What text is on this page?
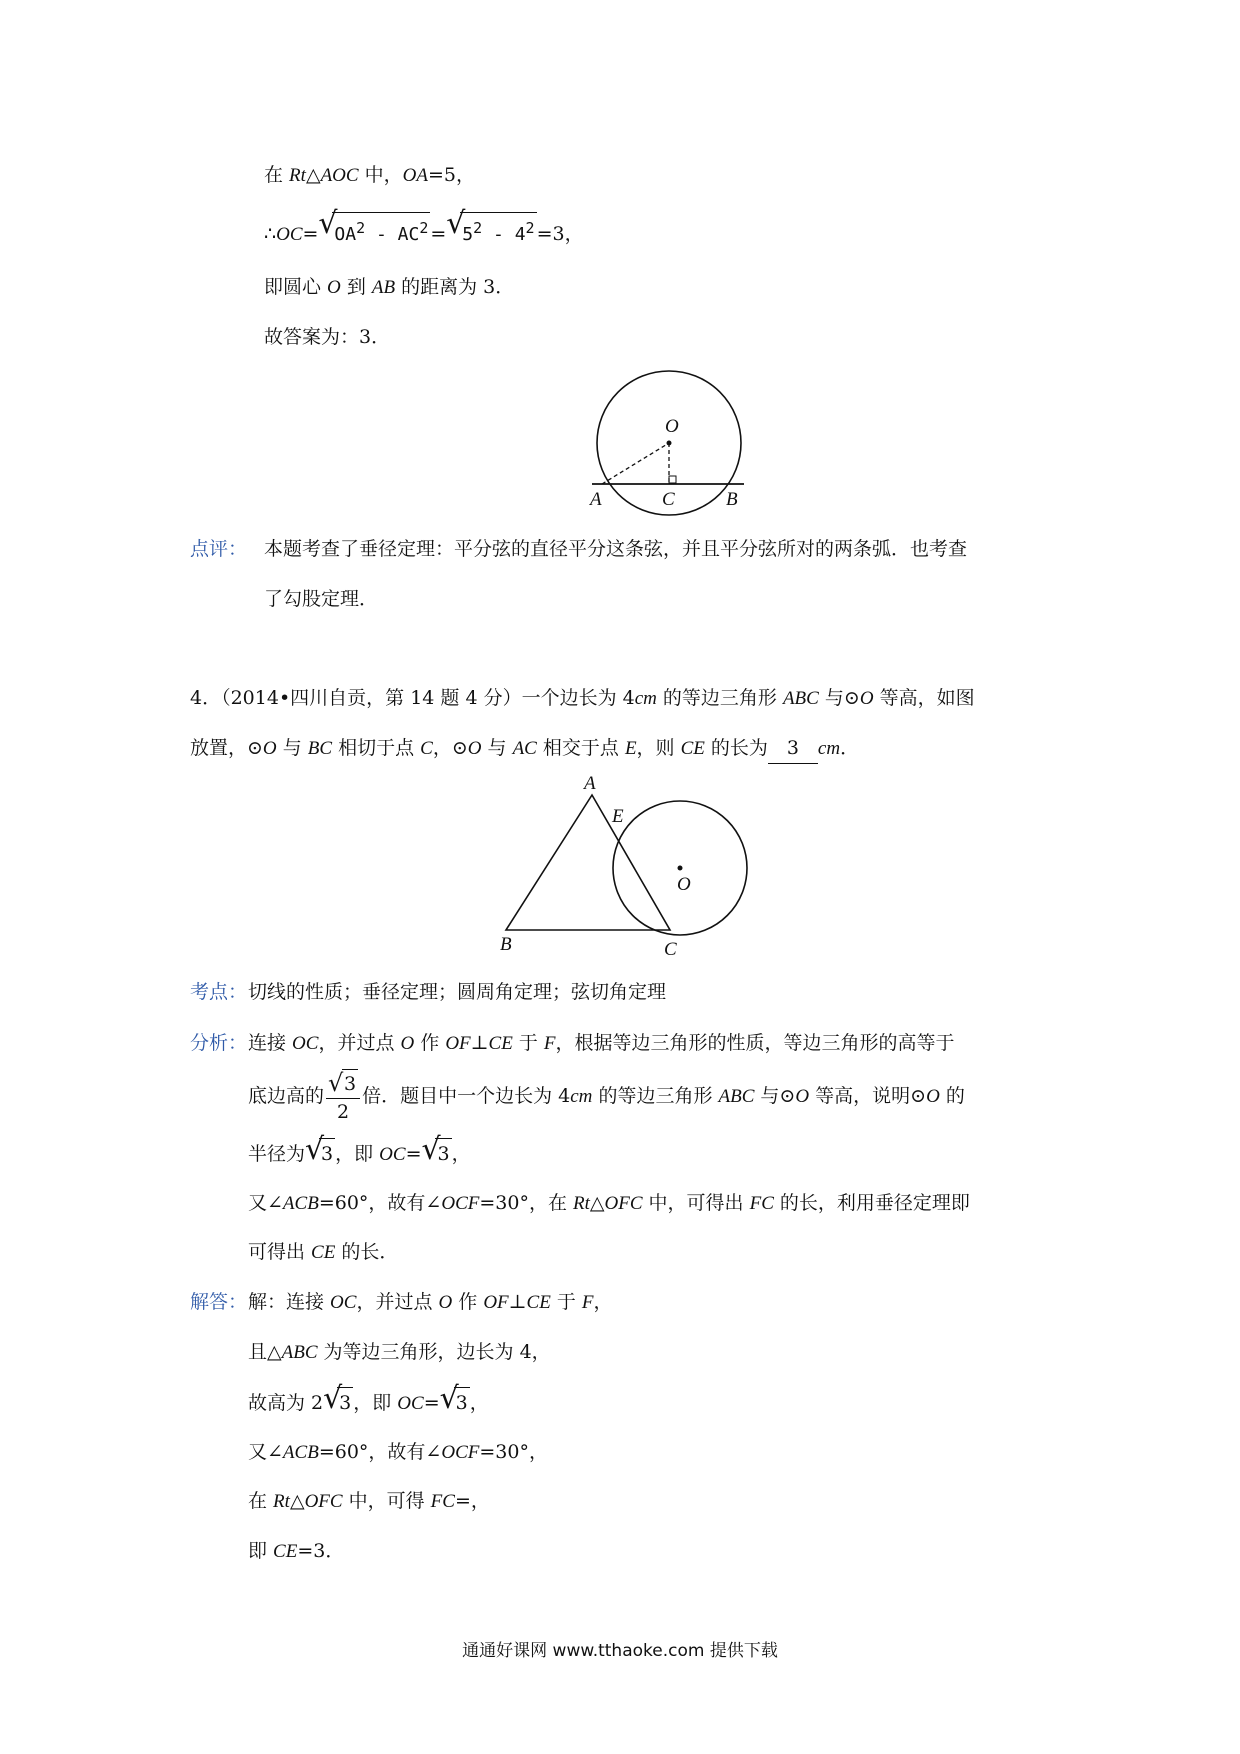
在 Rt△AOC 中，OA=5，
∴OC= √
$OA^2 - AC^2$ = √
$5^2 - 4^2 =3$，
即圆心 O 到 AB 的距离为 3．
故答案为：3．
O
A	C	B
点评： 本题考查了垂径定理：平分弦的直径平分这条弦，并且平分弦所对的两条弧．也考查
了勾股定理．
4．（2014•四川自贡，第 14 题 4 分）一个边长为 4cm 的等边三角形 ABC 与⊙O 等高，如图
放置，⊙O 与 BC 相切于点 C，⊙O 与 AC 相交于点 E，则 CE 的长为 3 cm．
A
E
O
B	C
考点：切线的性质；垂径定理；圆周角定理；弦切角定理
分析：连接 OC，并过点 O 作 OF⊥CE 于 F，根据等边三角形的性质，等边三角形的高等于
底边高的 $\frac{√ 3}{2}$ 倍．题目中一个边长为 4cm 的等边三角形 ABC 与⊙O 等高，说明⊙O 的
半径为 √
3 ，即 OC= √
3 ，
又∠ACB=60°，故有∠OCF=30°，在 Rt△OFC 中，可得出 FC 的长，利用垂径定理即
可得出 CE 的长．
解答：解：连接 OC，并过点 O 作 OF⊥CE 于 F，
且△ABC 为等边三角形，边长为 4，
故高为 2 √
3 ，即 OC= √
3 ，
又∠ACB=60°，故有∠OCF=30°，
在 Rt△OFC 中，可得 FC=，
即 CE=3．
通通好课网 www.tthaoke.com 提供下载
